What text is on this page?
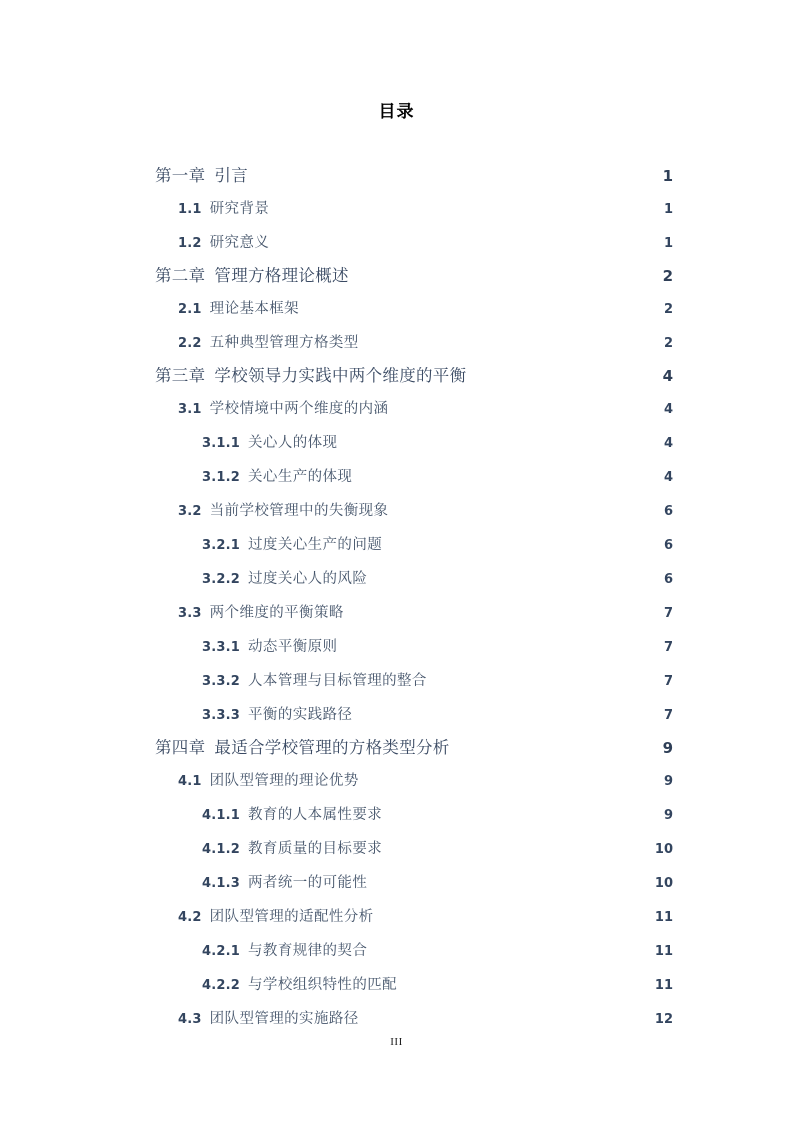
目录
第一章 引言 .....	1
1.1 研究背景 .....	1
1.2 研究意义 .....	1
第二章 管理方格理论概述 .....	2
2.1 理论基本框架 .....	2
2.2 五种典型管理方格类型 .....	2
第三章 学校领导力实践中两个维度的平衡 .....	4
3.1 学校情境中两个维度的内涵 .....	4
3.1.1 关心人的体现 .....	4
3.1.2 关心生产的体现 .....	4
3.2 当前学校管理中的失衡现象 .....	6
3.2.1 过度关心生产的问题 .....	6
3.2.2 过度关心人的风险 .....	6
3.3 两个维度的平衡策略 .....	7
3.3.1 动态平衡原则 .....	7
3.3.2 人本管理与目标管理的整合 .....	7
3.3.3 平衡的实践路径 .....	7
第四章 最适合学校管理的方格类型分析 .....	9
4.1 团队型管理的理论优势 .....	9
4.1.1 教育的人本属性要求 .....	9
4.1.2 教育质量的目标要求 .....	10
4.1.3 两者统一的可能性 .....	10
4.2 团队型管理的适配性分析 .....	11
4.2.1 与教育规律的契合 .....	11
4.2.2 与学校组织特性的匹配 .....	11
4.3 团队型管理的实施路径 .....	12
III
